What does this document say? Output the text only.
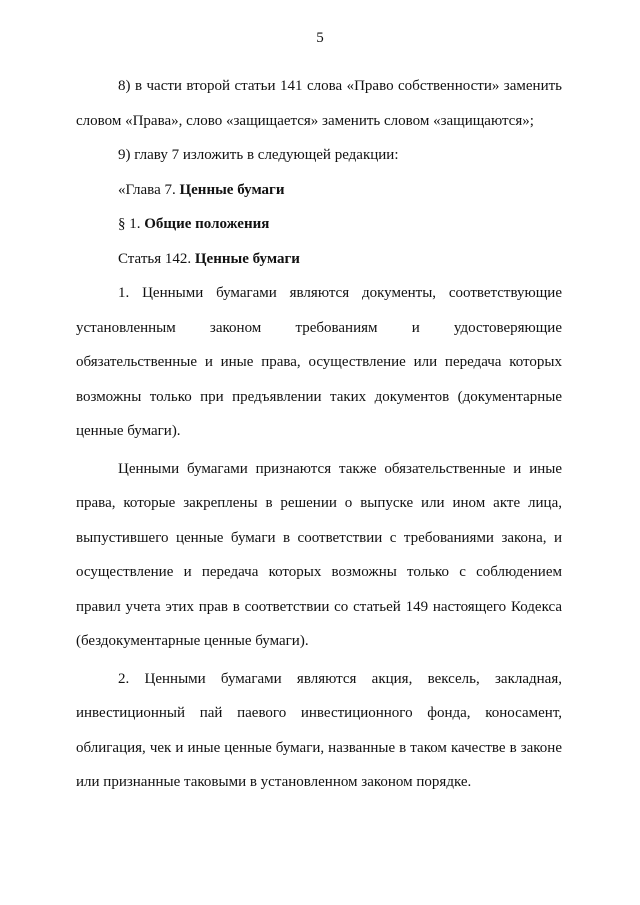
5

8) в части второй статьи 141 слова «Право собственности» заменить словом «Права», слово «защищается» заменить словом «защищаются»;

9) главу 7 изложить в следующей редакции:

«Глава 7. Ценные бумаги

§ 1. Общие положения

Статья 142. Ценные бумаги

1. Ценными бумагами являются документы, соответствующие установленным законом требованиям и удостоверяющие обязательственные и иные права, осуществление или передача которых возможны только при предъявлении таких документов (документарные ценные бумаги).

Ценными бумагами признаются также обязательственные и иные права, которые закреплены в решении о выпуске или ином акте лица, выпустившего ценные бумаги в соответствии с требованиями закона, и осуществление и передача которых возможны только с соблюдением правил учета этих прав в соответствии со статьей 149 настоящего Кодекса (бездокументарные ценные бумаги).

2. Ценными бумагами являются акция, вексель, закладная, инвестиционный пай паевого инвестиционного фонда, коносамент, облигация, чек и иные ценные бумаги, названные в таком качестве в законе или признанные таковыми в установленном законом порядке.
